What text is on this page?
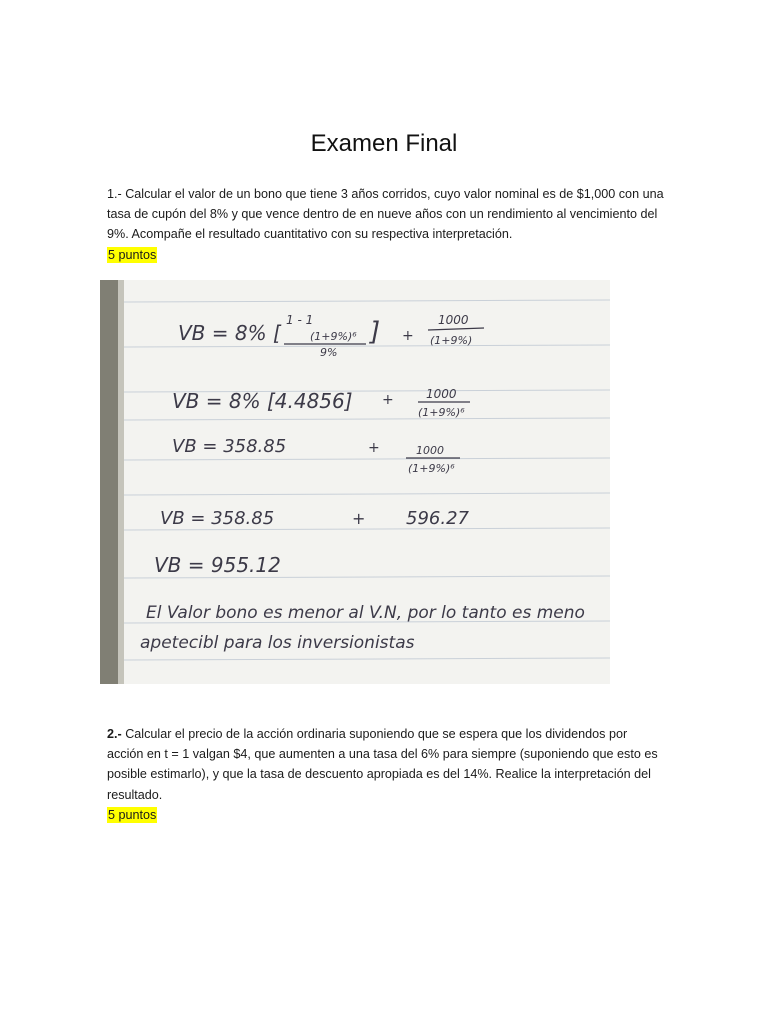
Examen Final
1.- Calcular el valor de un bono que tiene 3 años corridos, cuyo valor nominal es de $1,000 con una tasa de cupón del 8% y que vence dentro de en nueve años con un rendimiento al vencimiento del 9%. Acompañe el resultado cuantitativo con su respectiva interpretación.
5 puntos
VB = 8% [
1 - 1
(1+9%)⁶
9%
] +
1000
(1+9%)
VB = 8% [4.4856] +	1000
(1+9%)⁶
VB = 358.85	+	1000
(1+9%)⁶
VB = 358.85	+ 596.27
VB = 955.12
El Valor bono es menor al V.N, por lo tanto es meno
apetecibl para los inversionistas
2.- Calcular el precio de la acción ordinaria suponiendo que se espera que los dividendos por acción en t = 1 valgan $4, que aumenten a una tasa del 6% para siempre (suponiendo que esto es posible estimarlo), y que la tasa de descuento apropiada es del 14%. Realice la interpretación del resultado.
5 puntos
